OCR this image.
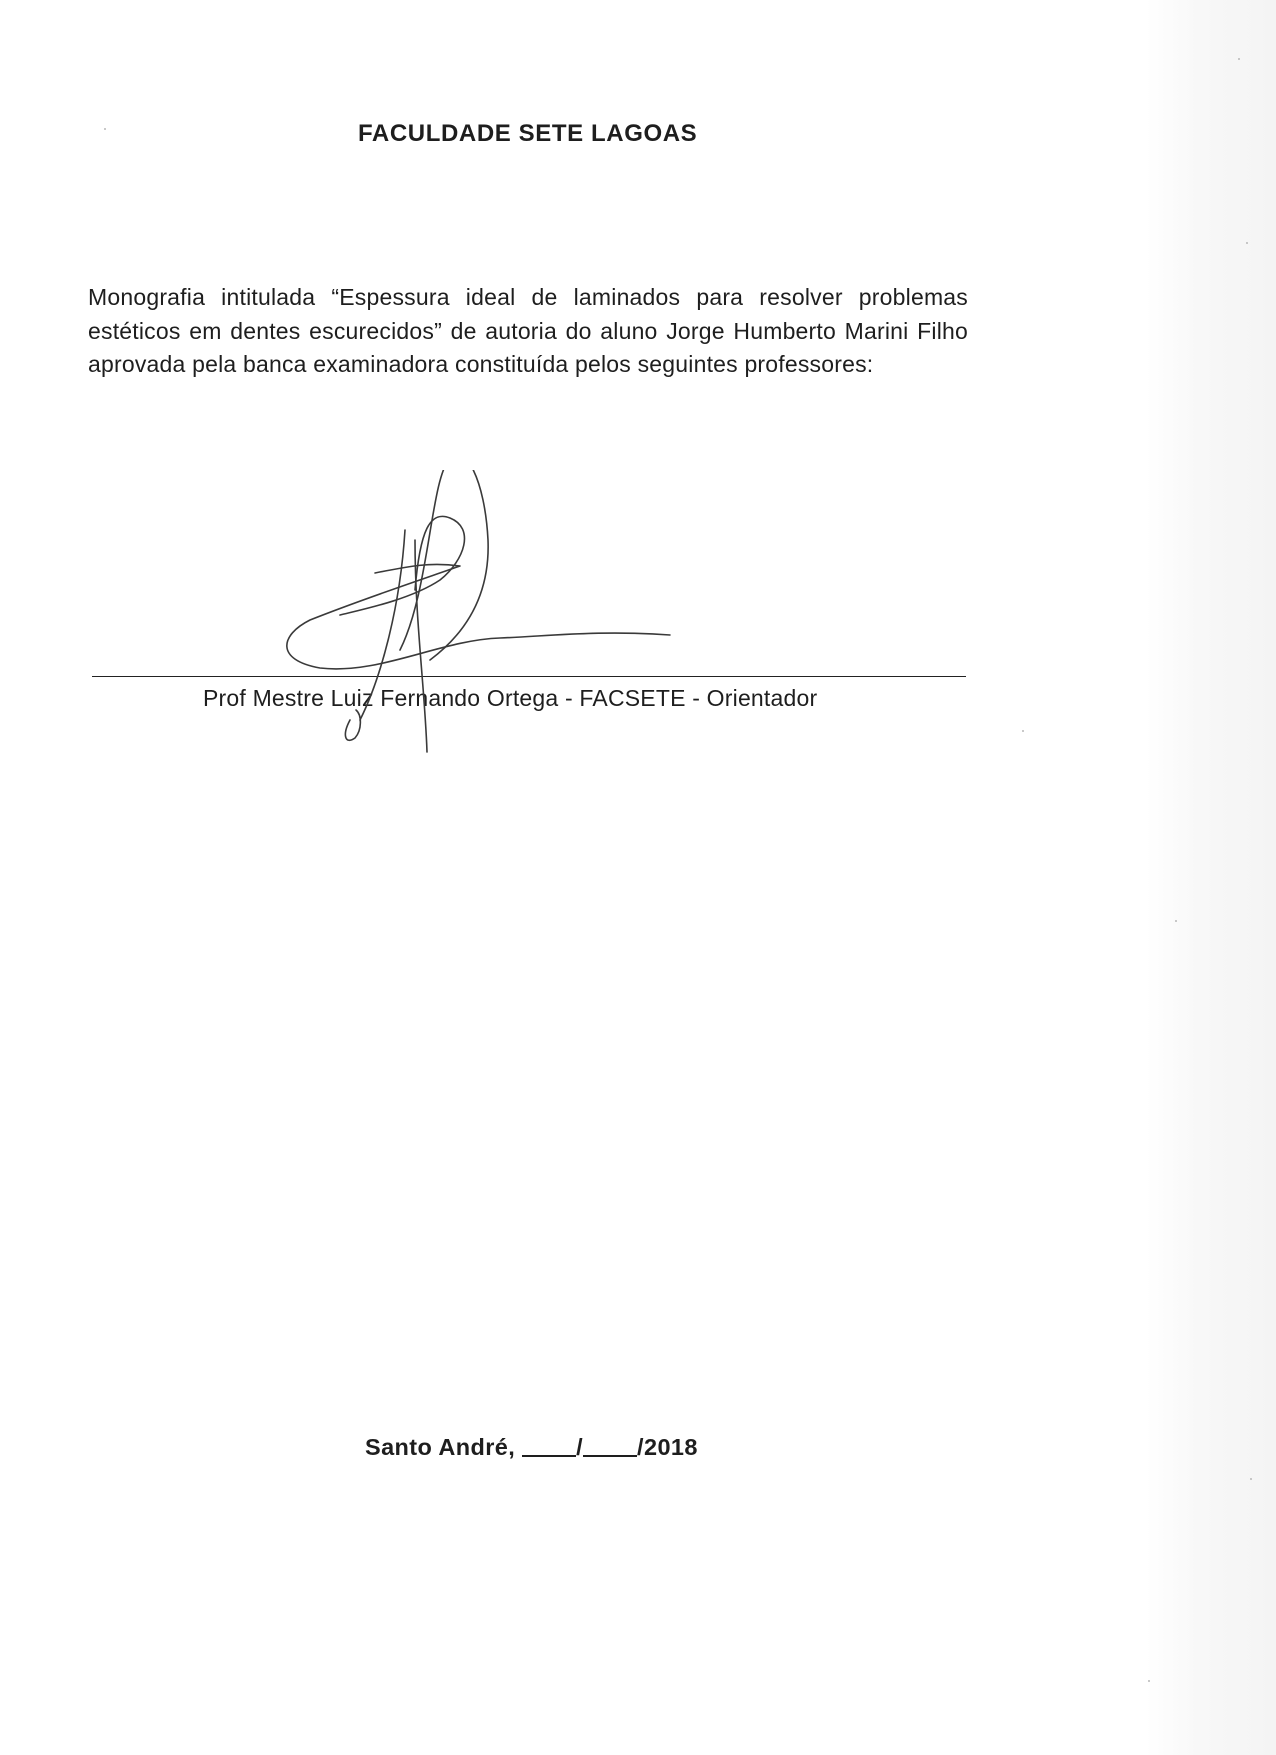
FACULDADE SETE LAGOAS
Monografia intitulada “Espessura ideal de laminados para resolver problemas estéticos em dentes escurecidos” de autoria do aluno Jorge Humberto Marini Filho aprovada pela banca examinadora constituída pelos seguintes professores:
Prof Mestre Luiz Fernando Ortega - FACSETE - Orientador
Santo André,	/ /2018
